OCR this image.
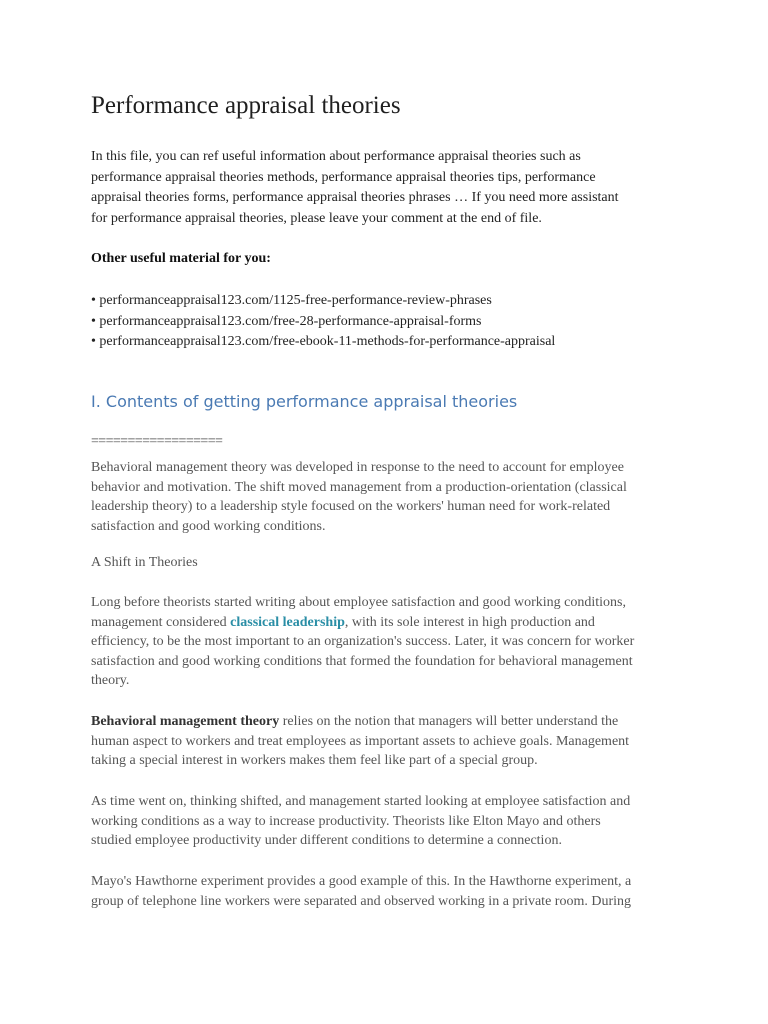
Performance appraisal theories

In this file, you can ref useful information about performance appraisal theories such as
performance appraisal theories methods, performance appraisal theories tips, performance
appraisal theories forms, performance appraisal theories phrases … If you need more assistant
for performance appraisal theories, please leave your comment at the end of file.

Other useful material for you:

• performanceappraisal123.com/1125-free-performance-review-phrases
• performanceappraisal123.com/free-28-performance-appraisal-forms
• performanceappraisal123.com/free-ebook-11-methods-for-performance-appraisal
I. Contents of getting performance appraisal theories

==================

Behavioral management theory was developed in response to the need to account for employee
behavior and motivation. The shift moved management from a production-orientation (classical
leadership theory) to a leadership style focused on the workers' human need for work-related
satisfaction and good working conditions.

A Shift in Theories

Long before theorists started writing about employee satisfaction and good working conditions,
management considered classical leadership, with its sole interest in high production and
efficiency, to be the most important to an organization's success. Later, it was concern for worker
satisfaction and good working conditions that formed the foundation for behavioral management
theory.

Behavioral management theory relies on the notion that managers will better understand the
human aspect to workers and treat employees as important assets to achieve goals. Management
taking a special interest in workers makes them feel like part of a special group.

As time went on, thinking shifted, and management started looking at employee satisfaction and
working conditions as a way to increase productivity. Theorists like Elton Mayo and others
studied employee productivity under different conditions to determine a connection.

Mayo's Hawthorne experiment provides a good example of this. In the Hawthorne experiment, a
group of telephone line workers were separated and observed working in a private room. During
